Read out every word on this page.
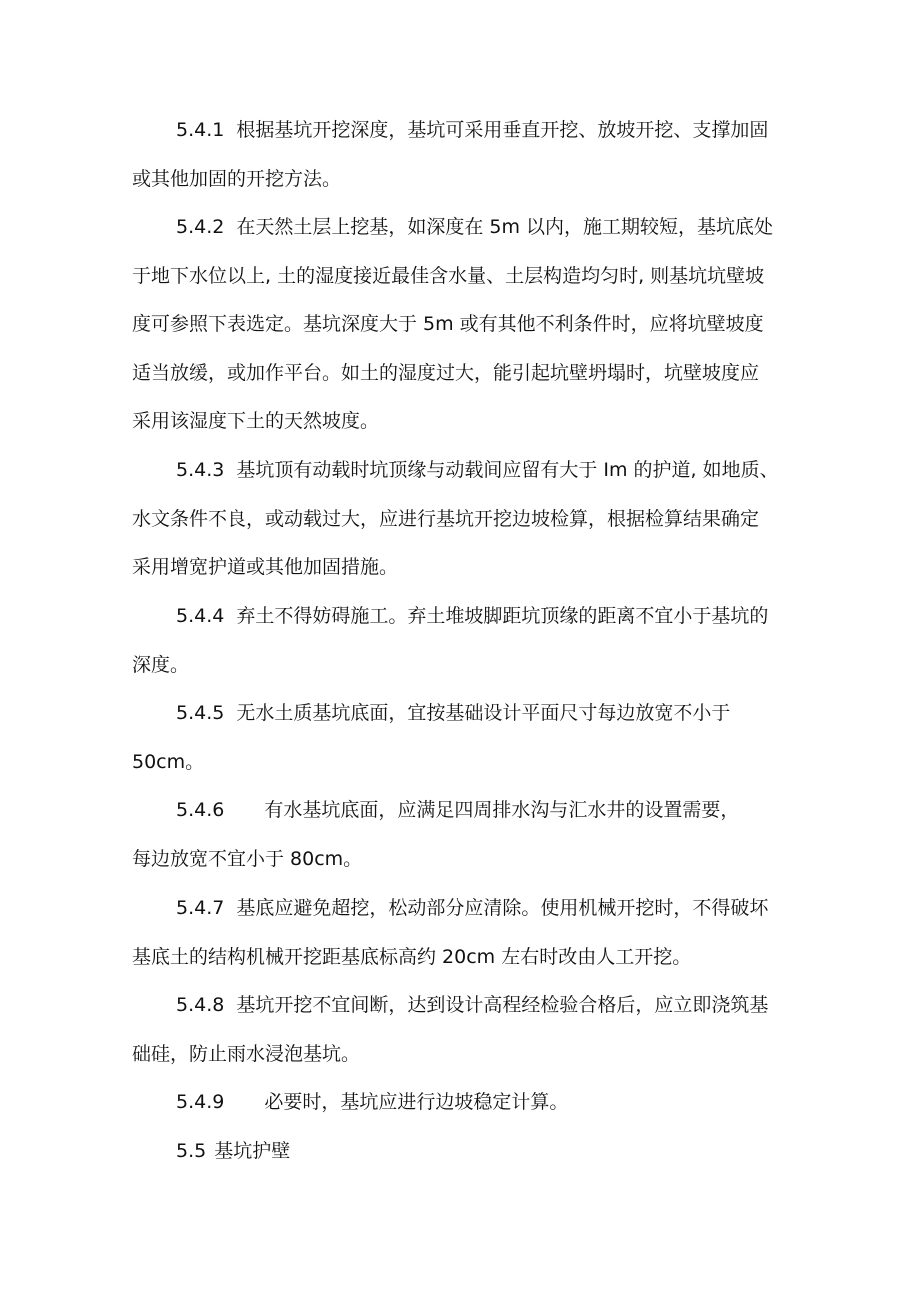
5.4.1 根据基坑开挖深度，基坑可采用垂直开挖、放坡开挖、支撑加固
或其他加固的开挖方法。
5.4.2 在天然土层上挖基，如深度在 5m 以内，施工期较短，基坑底处
于地下水位以上, 土的湿度接近最佳含水量、土层构造均匀时, 则基坑坑壁坡
度可参照下表选定。基坑深度大于 5m 或有其他不利条件时，应将坑壁坡度
适当放缓，或加作平台。如土的湿度过大，能引起坑壁坍塌时，坑壁坡度应
采用该湿度下土的天然坡度。
5.4.3 基坑顶有动载时坑顶缘与动载间应留有大于 Im 的护道, 如地质、
水文条件不良，或动载过大，应进行基坑开挖边坡检算，根据检算结果确定
采用增宽护道或其他加固措施。
5.4.4 弃土不得妨碍施工。弃土堆坡脚距坑顶缘的距离不宜小于基坑的
深度。
5.4.5 无水土质基坑底面，宜按基础设计平面尺寸每边放宽不小于
50cm。
5.4.6 有水基坑底面，应满足四周排水沟与汇水井的设置需要，
每边放宽不宜小于 80cm。
5.4.7 基底应避免超挖，松动部分应清除。使用机械开挖时，不得破坏
基底土的结构机械开挖距基底标高约 20cm 左右时改由人工开挖。
5.4.8 基坑开挖不宜间断，达到设计高程经检验合格后，应立即浇筑基
础硅，防止雨水浸泡基坑。
5.4.9 必要时，基坑应进行边坡稳定计算。
5.5 基坑护壁
